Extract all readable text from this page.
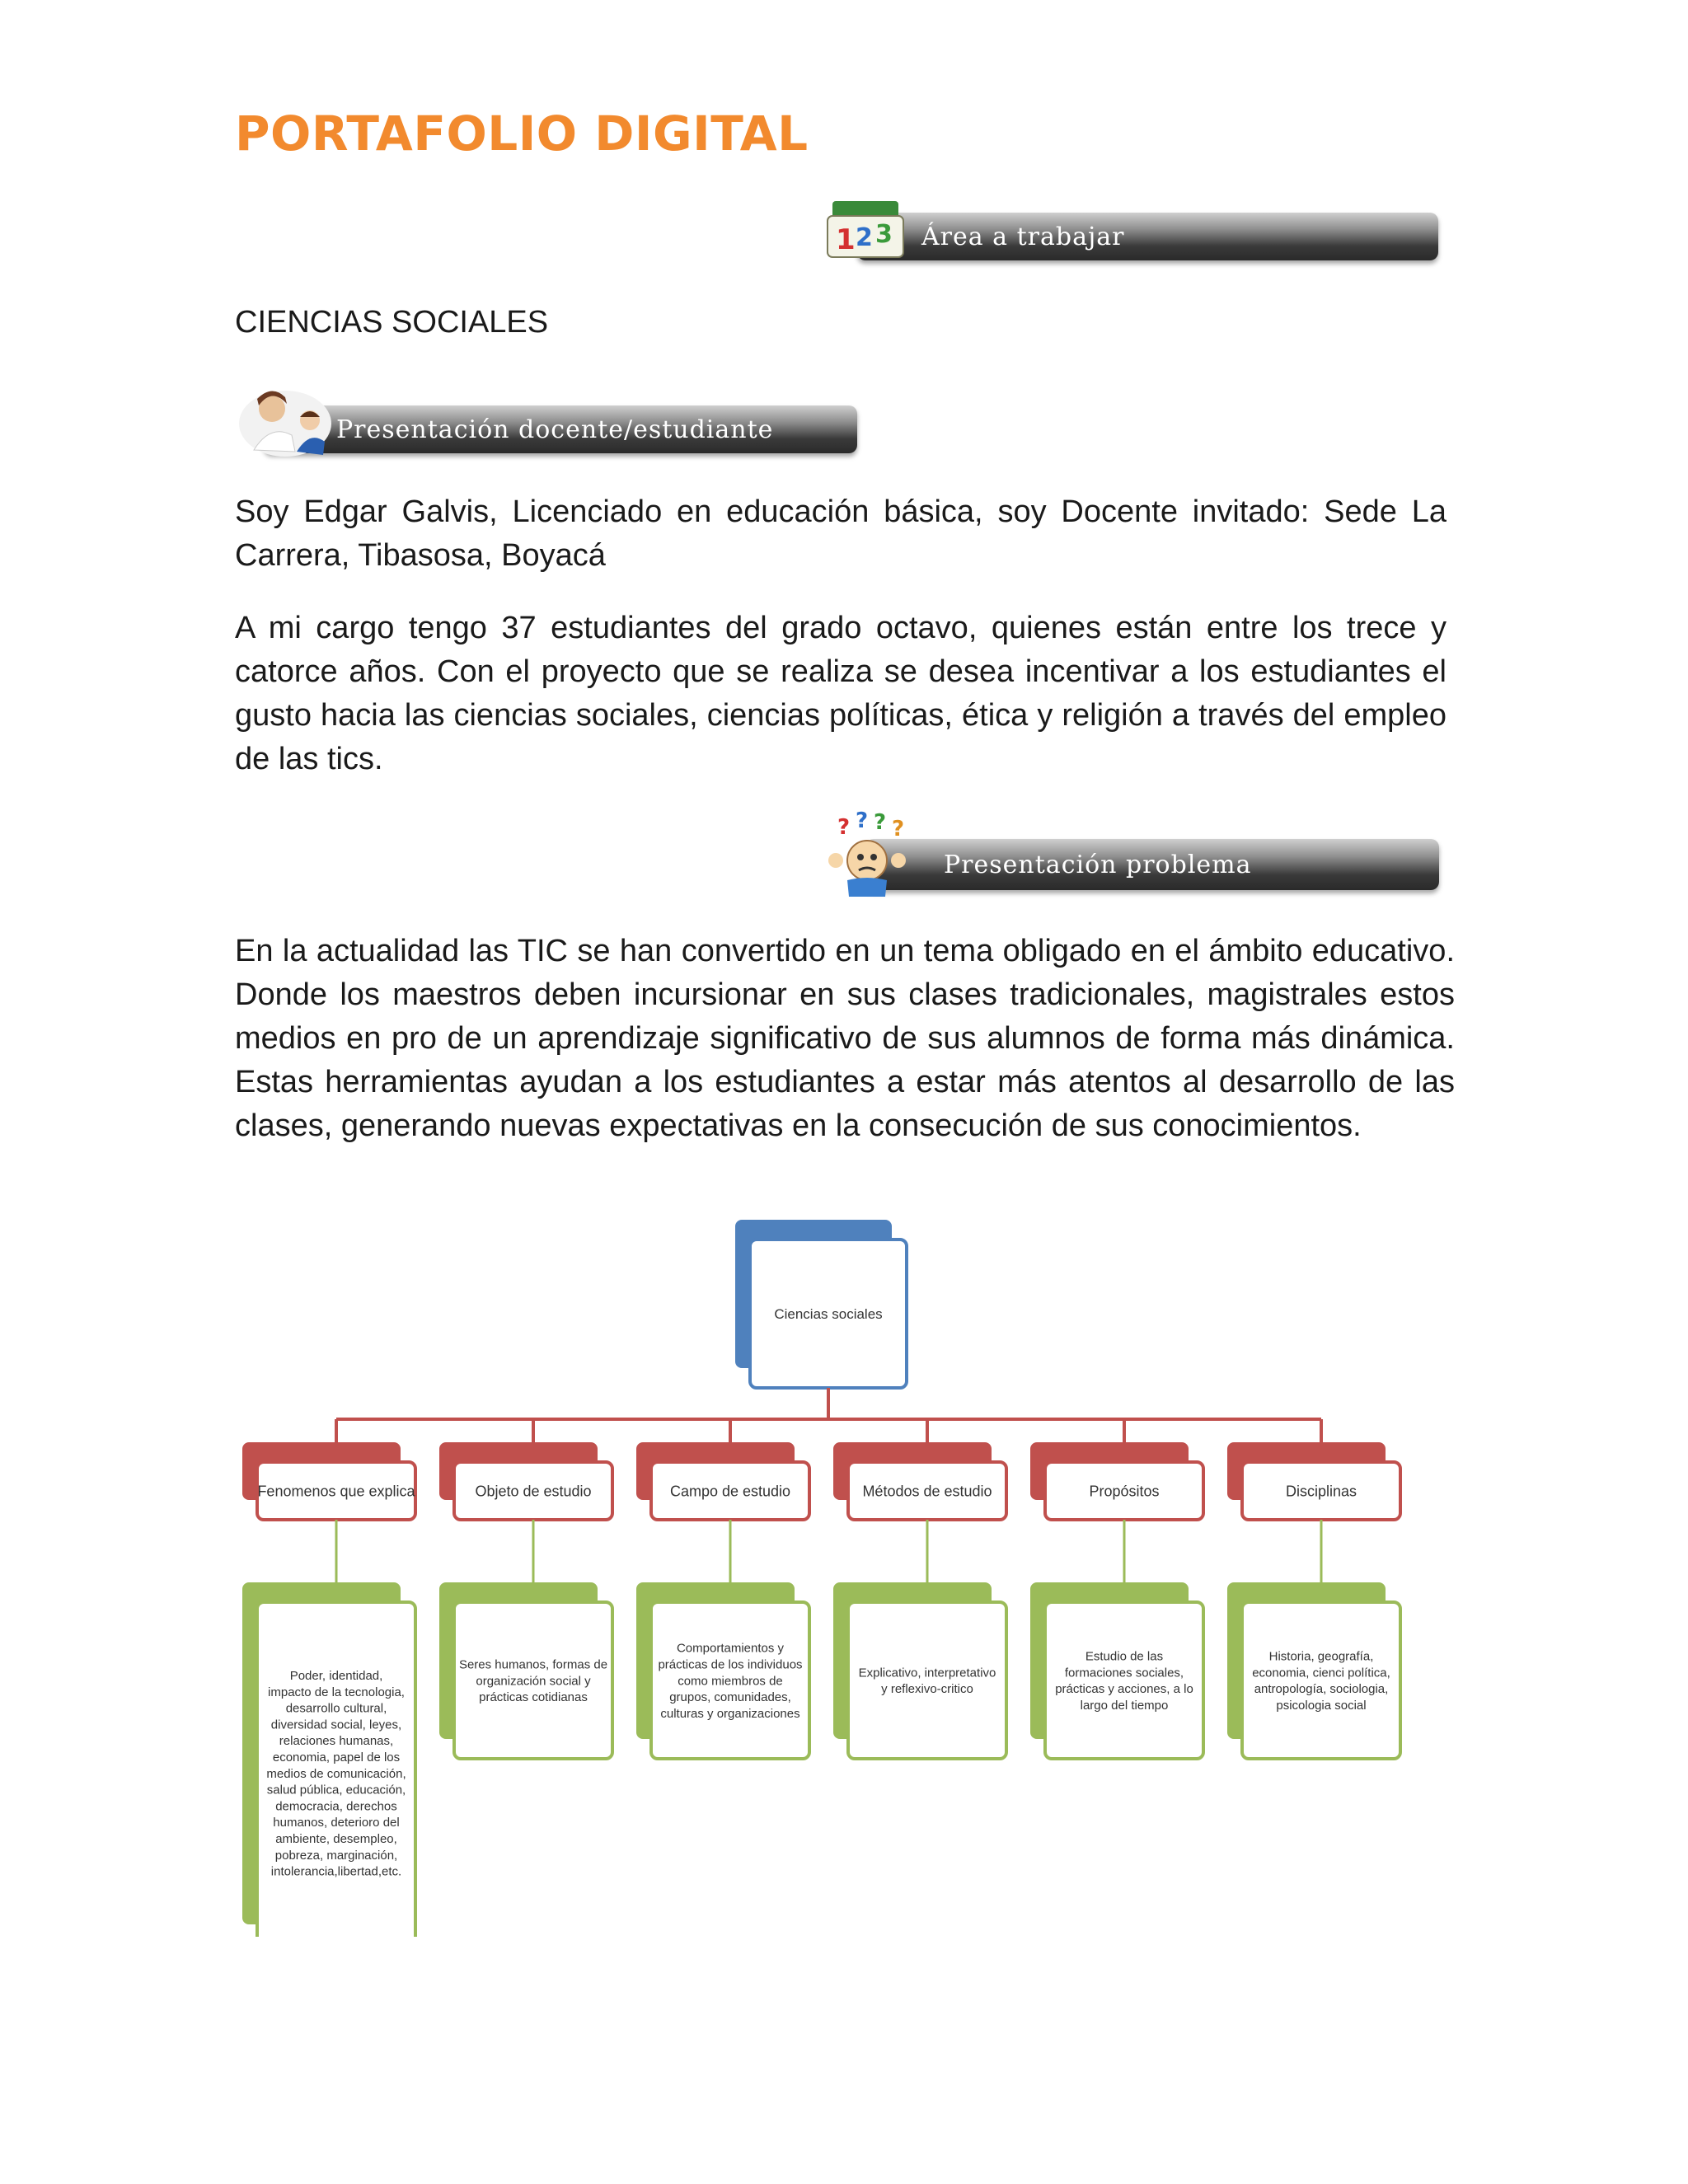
PORTAFOLIO DIGITAL
1 2 3 Área a trabajar
CIENCIAS SOCIALES
Presentación docente/estudiante

Soy Edgar Galvis, Licenciado en educación básica, soy Docente invitado: Sede La Carrera, Tibasosa, Boyacá

A mi cargo tengo 37 estudiantes del grado octavo, quienes están entre los trece y catorce años. Con el proyecto que se realiza se desea incentivar a los estudiantes el gusto hacia las ciencias sociales, ciencias políticas, ética y religión a través del empleo de las tics.

? ? ? ?
Presentación problema

En la actualidad las TIC se han convertido en un tema obligado en el ámbito educativo. Donde los maestros deben incursionar en sus clases tradicionales, magistrales estos medios en pro de un aprendizaje significativo de sus alumnos de forma más dinámica. Estas herramientas ayudan a los estudiantes a estar más atentos al desarrollo de las clases, generando nuevas expectativas en la consecución de sus conocimientos.

Ciencias sociales
Fenomenos que explica
Poder, identidad, impacto de la tecnologia, desarrollo cultural, diversidad social, leyes, relaciones humanas, economia, papel de los medios de comunicación, salud pública, educación, democracia, derechos humanos, deterioro del ambiente, desempleo, pobreza, marginación, intolerancia,libertad,etc.
Objeto de estudio
Seres humanos, formas de organización social y prácticas cotidianas
Campo de estudio
Comportamientos y prácticas de los individuos como miembros de grupos, comunidades, culturas y organizaciones
Métodos de estudio
Explicativo, interpretativo y reflexivo-critico
Propósitos
Estudio de las formaciones sociales, prácticas y acciones, a lo largo del tiempo
Disciplinas
Historia, geografía, economia, cienci política, antropología, sociologia, psicologia social
